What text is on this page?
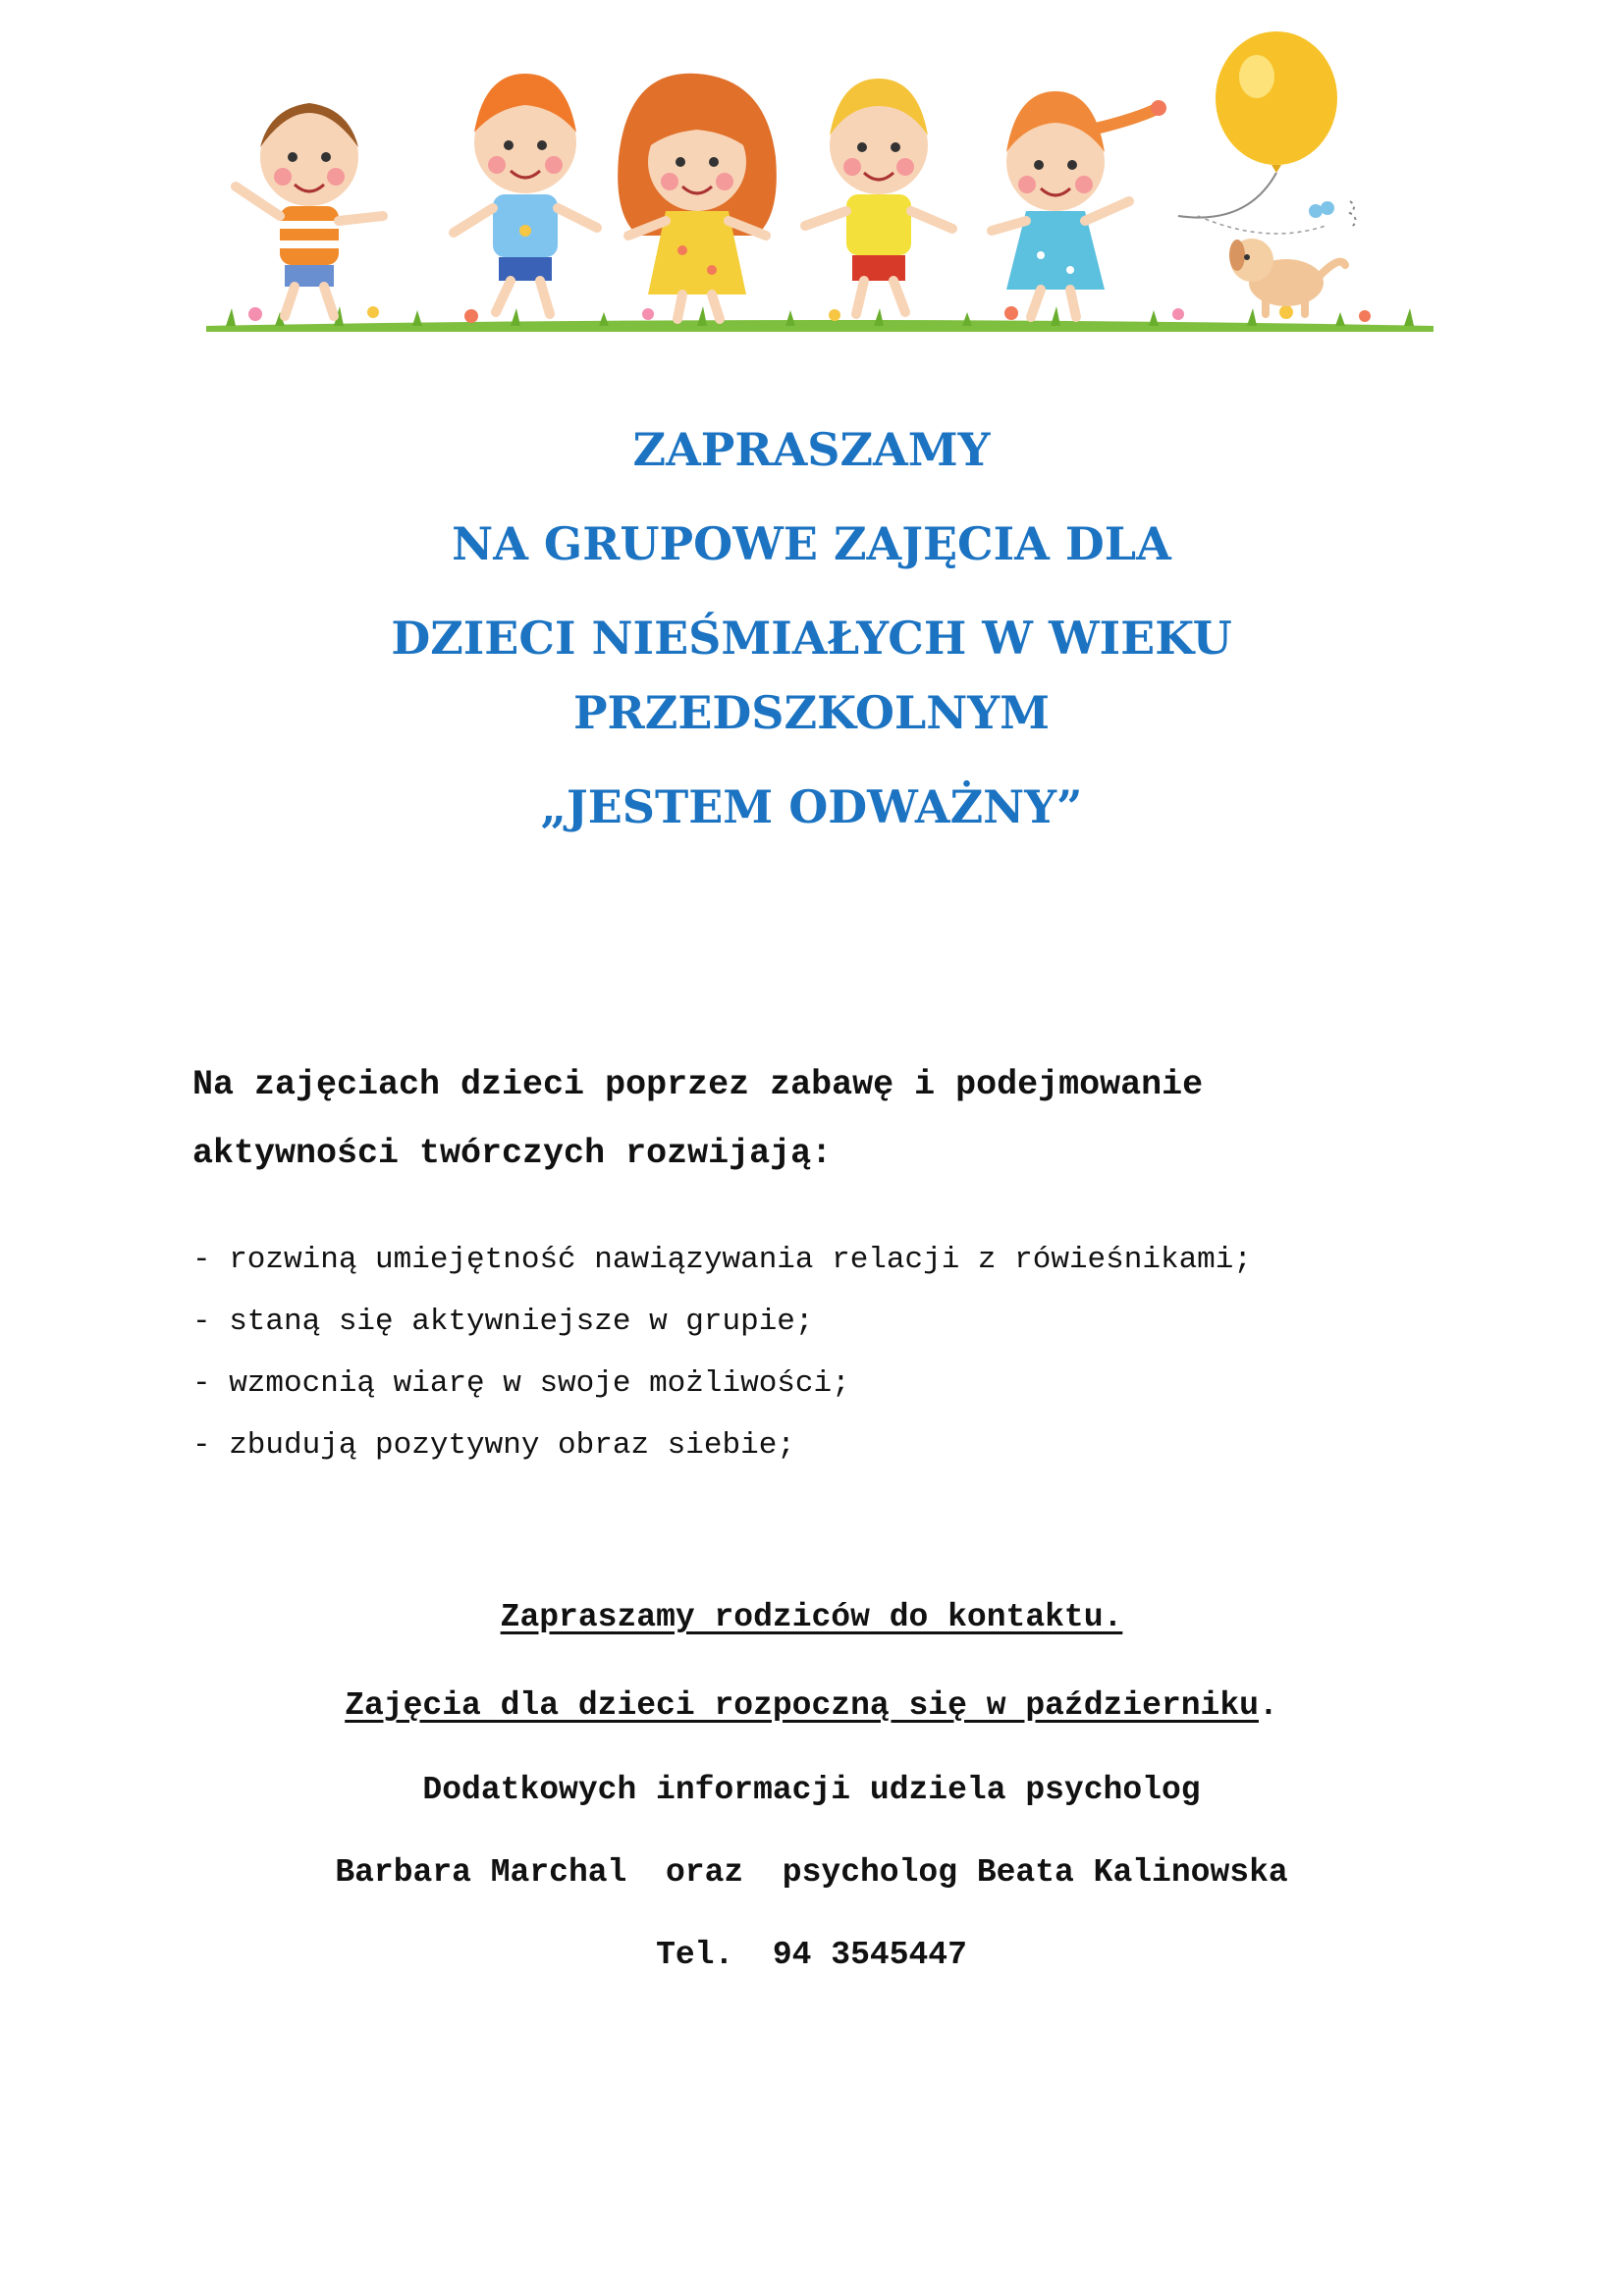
ZAPRASZAMY
NA GRUPOWE ZAJĘCIA DLA
DZIECI NIEŚMIAŁYCH W WIEKU
PRZEDSZKOLNYM
„JESTEM ODWAŻNY”
Na zajęciach dzieci poprzez zabawę i podejmowanie
aktywności twórczych rozwijają:
- rozwiną umiejętność nawiązywania relacji z rówieśnikami;
- staną się aktywniejsze w grupie;
- wzmocnią wiarę w swoje możliwości;
- zbudują pozytywny obraz siebie;
Zapraszamy rodziców do kontaktu.
Zajęcia dla dzieci rozpoczną się w październiku.
Dodatkowych informacji udziela psycholog
Barbara Marchal  oraz  psycholog Beata Kalinowska
Tel.  94 3545447
